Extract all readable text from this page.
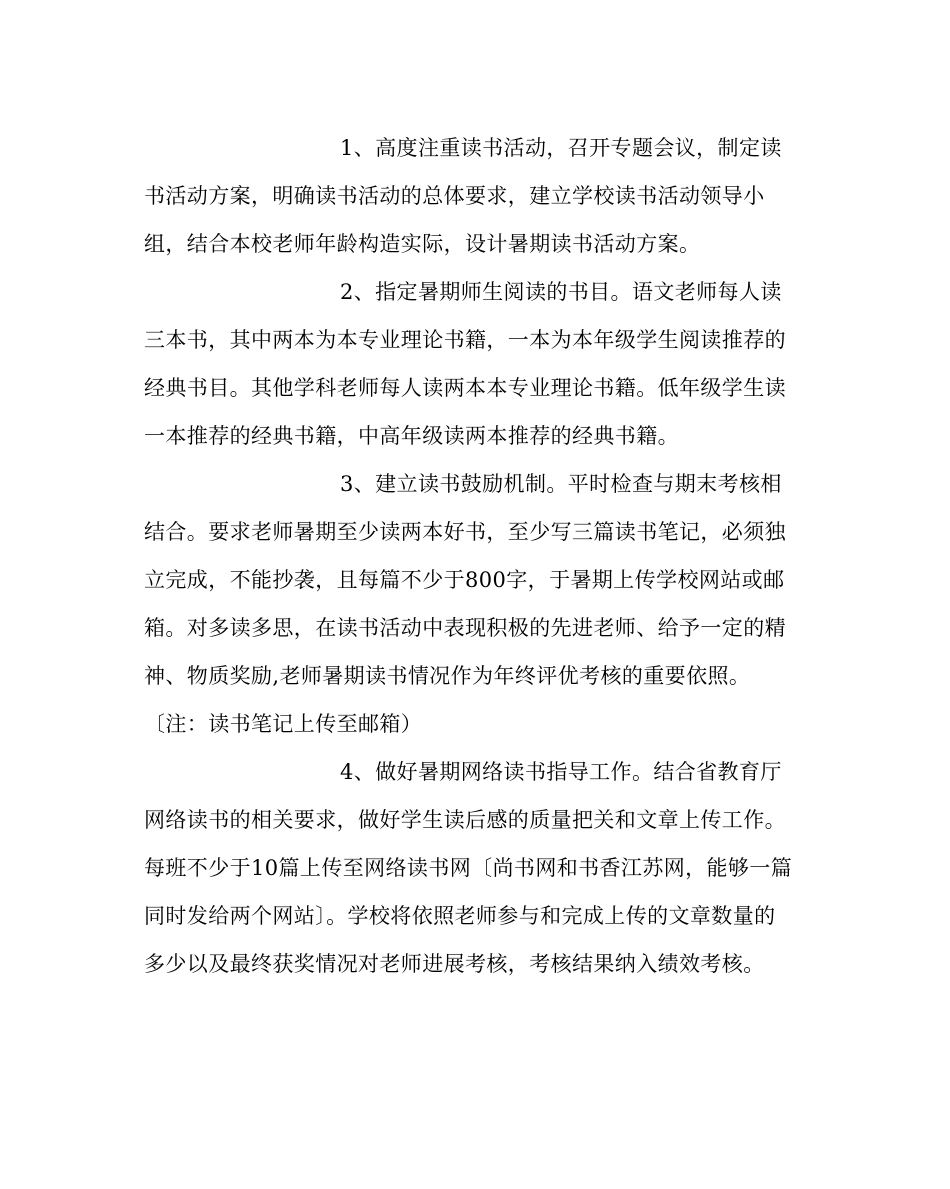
1、高度注重读书活动，召开专题会议，制定读
书活动方案，明确读书活动的总体要求，建立学校读书活动领导小
组，结合本校老师年龄构造实际，设计暑期读书活动方案。
2、指定暑期师生阅读的书目。语文老师每人读
三本书，其中两本为本专业理论书籍，一本为本年级学生阅读推荐的
经典书目。其他学科老师每人读两本本专业理论书籍。低年级学生读
一本推荐的经典书籍，中高年级读两本推荐的经典书籍。
3、建立读书鼓励机制。平时检查与期末考核相
结合。要求老师暑期至少读两本好书，至少写三篇读书笔记，必须独
立完成，不能抄袭，且每篇不少于800字，于暑期上传学校网站或邮
箱。对多读多思，在读书活动中表现积极的先进老师、给予一定的精
神、物质奖励,老师暑期读书情况作为年终评优考核的重要依照。
〔注：读书笔记上传至邮箱）
4、做好暑期网络读书指导工作。结合省教育厅
网络读书的相关要求，做好学生读后感的质量把关和文章上传工作。
每班不少于10篇上传至网络读书网〔尚书网和书香江苏网，能够一篇
同时发给两个网站〕。学校将依照老师参与和完成上传的文章数量的
多少以及最终获奖情况对老师进展考核，考核结果纳入绩效考核。
